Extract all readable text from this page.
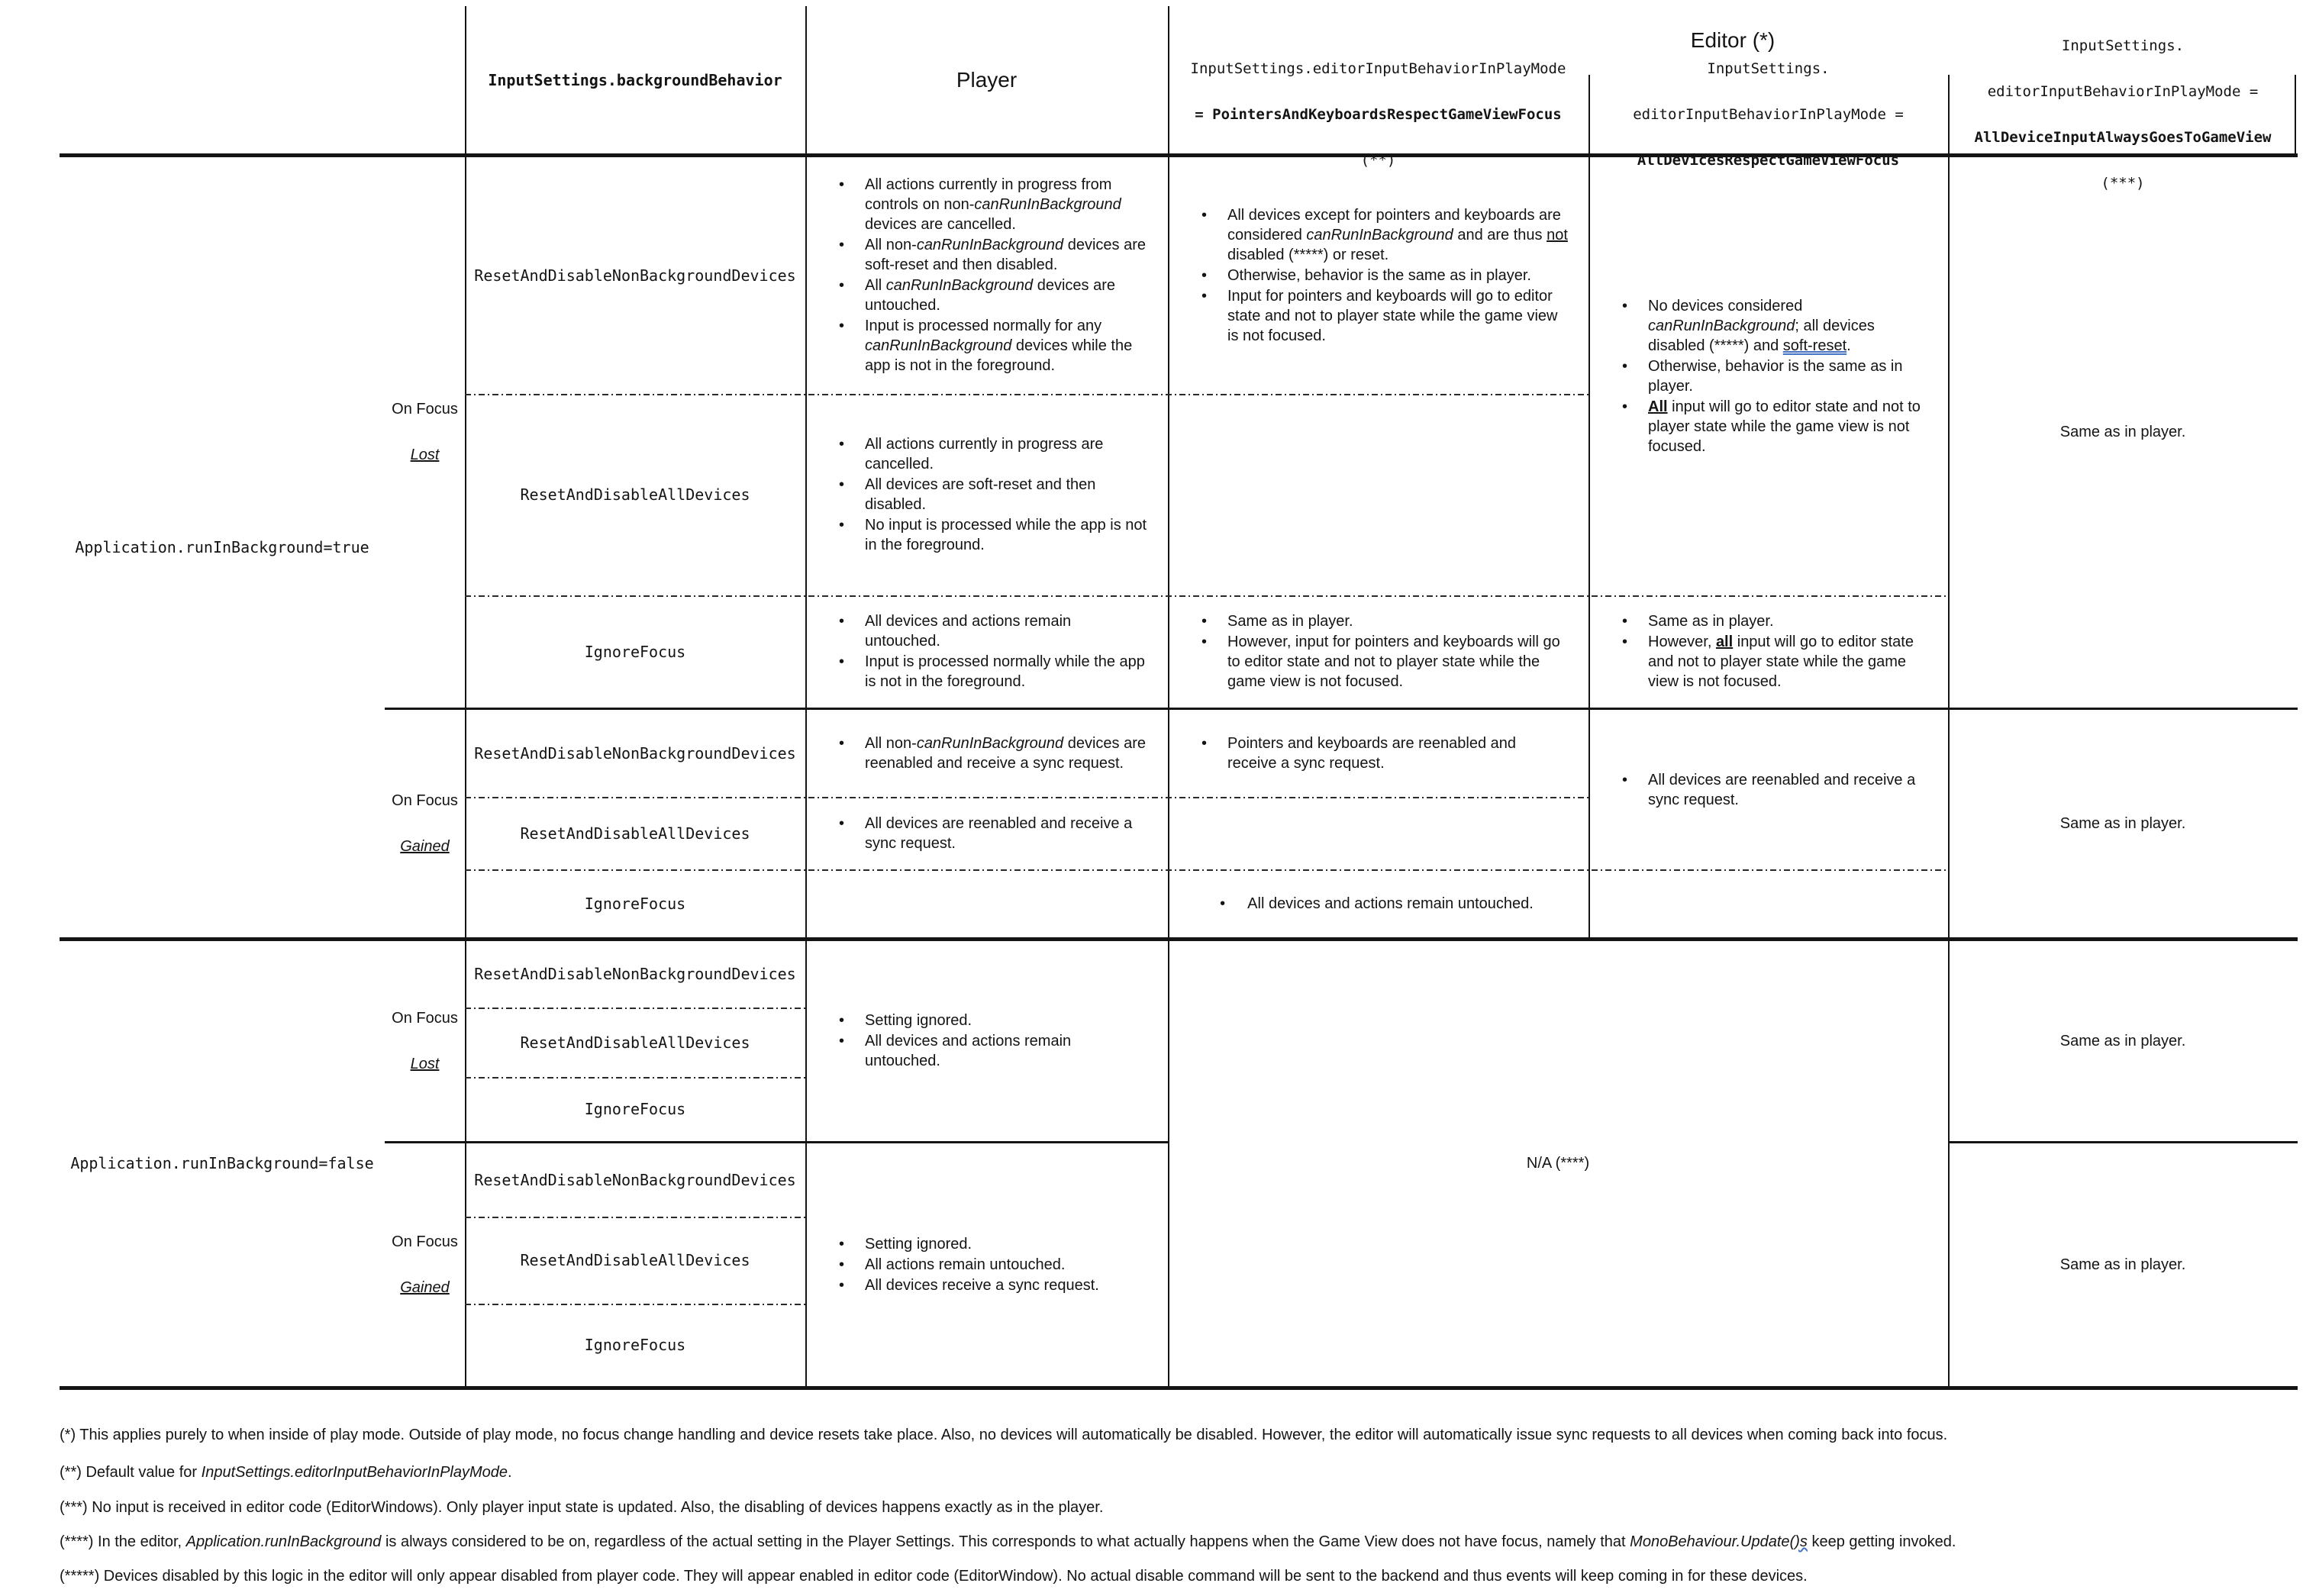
InputSettings.backgroundBehavior	Player
Editor (*)
InputSettings.editorInputBehaviorInPlayMode

= PointersAndKeyboardsRespectGameViewFocus

(**)
InputSettings.

editorInputBehaviorInPlayMode =

AllDevicesRespectGameViewFocus
InputSettings.

editorInputBehaviorInPlayMode =

AllDeviceInputAlwaysGoesToGameView

(***)
Application.runInBackground=true
Application.runInBackground=false
On Focus

Lost
On Focus

Gained
On Focus

Lost
On Focus

Gained
ResetAndDisableNonBackgroundDevices
ResetAndDisableAllDevices
IgnoreFocus
ResetAndDisableNonBackgroundDevices
ResetAndDisableAllDevices
IgnoreFocus
ResetAndDisableNonBackgroundDevices
ResetAndDisableAllDevices
IgnoreFocus
ResetAndDisableNonBackgroundDevices
ResetAndDisableAllDevices
IgnoreFocus
• All actions currently in progress from controls on non-canRunInBackground devices are cancelled.
• All non-canRunInBackground devices are soft-reset and then disabled.
• All canRunInBackground devices are untouched.
• Input is processed normally for any canRunInBackground devices while the app is not in the foreground.
• All actions currently in progress are cancelled.
• All devices are soft-reset and then disabled.
• No input is processed while the app is not in the foreground.
• All devices and actions remain untouched.
• Input is processed normally while the app is not in the foreground.
• All devices except for pointers and keyboards are considered canRunInBackground and are thus not disabled (*****) or reset.
• Otherwise, behavior is the same as in player.
• Input for pointers and keyboards will go to editor state and not to player state while the game view is not focused.
• Same as in player.
• However, input for pointers and keyboards will go to editor state and not to player state while the game view is not focused.
• No devices considered canRunInBackground; all devices disabled (*****) and soft-reset.
• Otherwise, behavior is the same as in player.
• All input will go to editor state and not to player state while the game view is not focused.
• Same as in player.
• However, all input will go to editor state and not to player state while the game view is not focused.
Same as in player.
• All non-canRunInBackground devices are reenabled and receive a sync request.
• All devices are reenabled and receive a sync request.
• Pointers and keyboards are reenabled and receive a sync request.
• All devices are reenabled and receive a sync request.
• All devices and actions remain untouched.
Same as in player.
• Setting ignored.
• All devices and actions remain untouched.
• Setting ignored.
• All actions remain untouched.
• All devices receive a sync request.
N/A (****)
Same as in player.
Same as in player.
(*) This applies purely to when inside of play mode. Outside of play mode, no focus change handling and device resets take place. Also, no devices will automatically be disabled. However, the editor will automatically issue sync requests to all devices when coming back into focus.
(**) Default value for InputSettings.editorInputBehaviorInPlayMode.
(***) No input is received in editor code (EditorWindows). Only player input state is updated. Also, the disabling of devices happens exactly as in the player.
(****) In the editor, Application.runInBackground is always considered to be on, regardless of the actual setting in the Player Settings. This corresponds to what actually happens when the Game View does not have focus, namely that MonoBehaviour.Update()s keep getting invoked.
(*****) Devices disabled by this logic in the editor will only appear disabled from player code. They will appear enabled in editor code (EditorWindow). No actual disable command will be sent to the backend and thus events will keep coming in for these devices.
